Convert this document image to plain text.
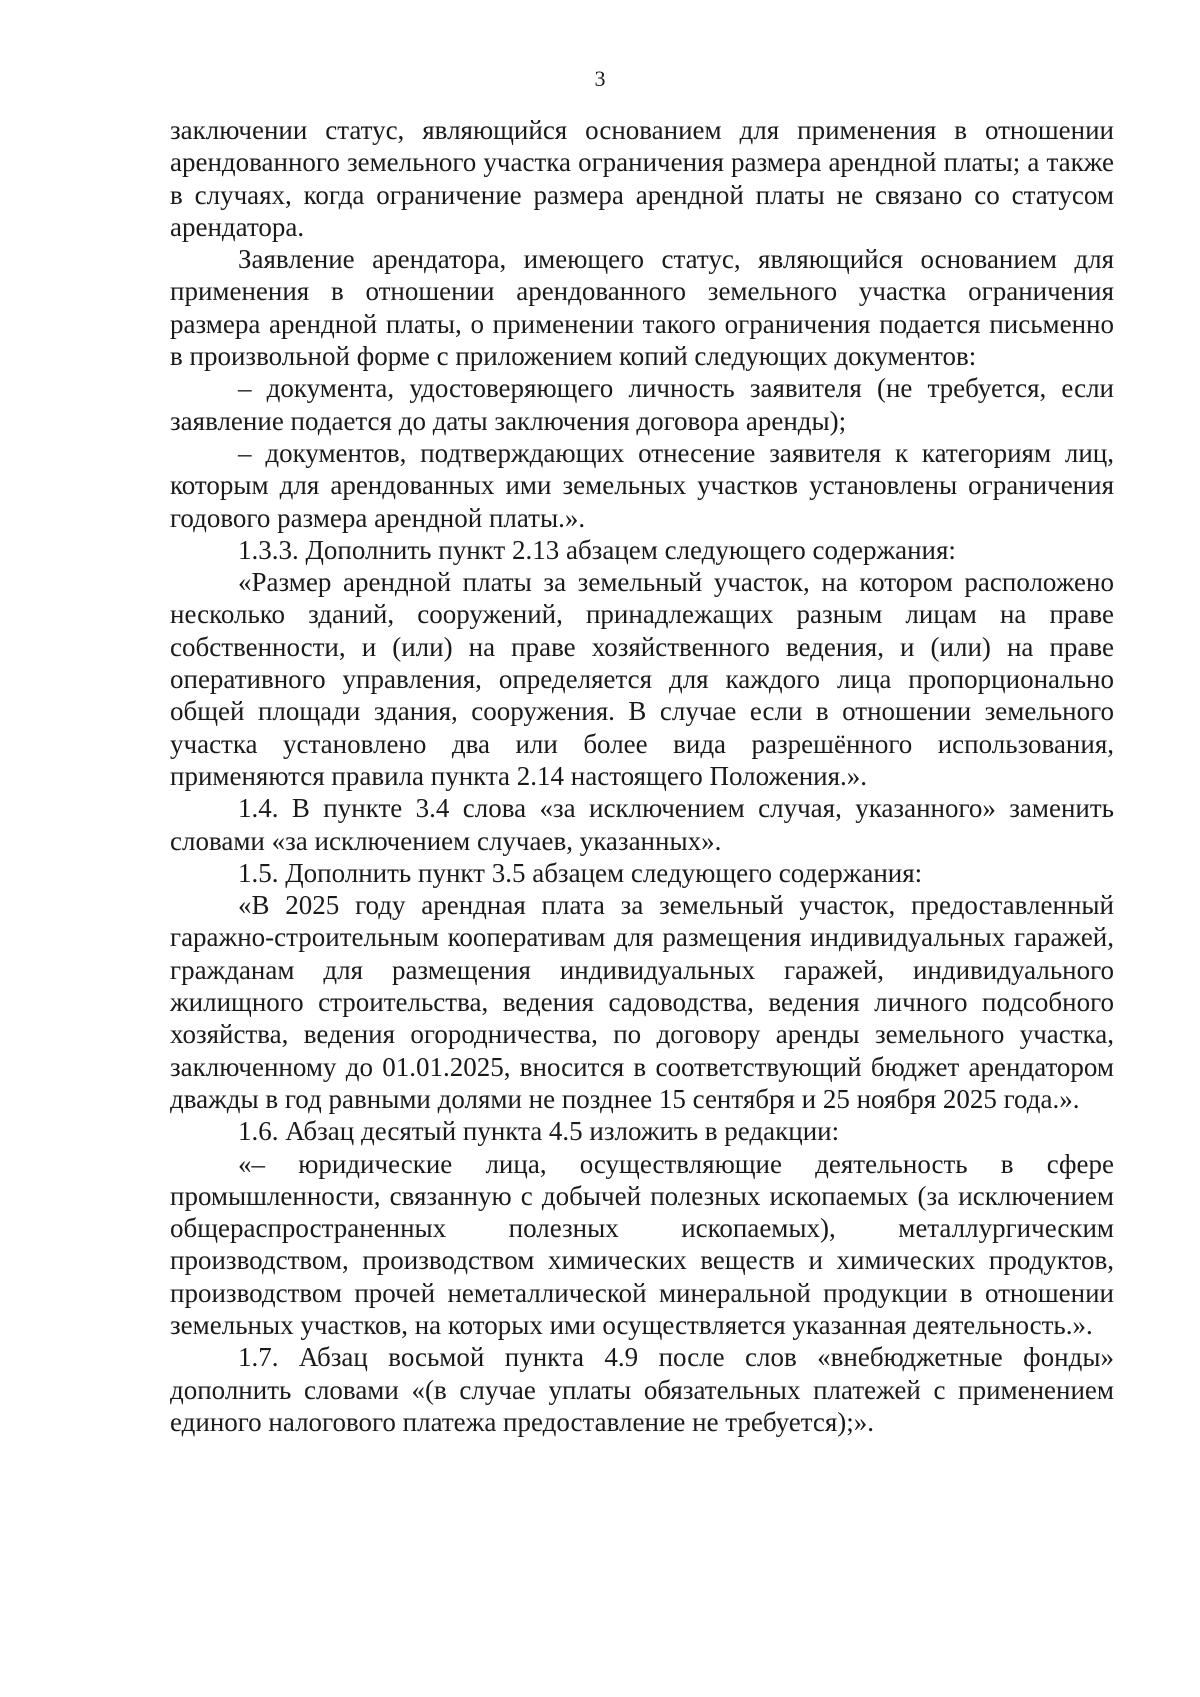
3

заключении статус, являющийся основанием для применения в отношении арендованного земельного участка ограничения размера арендной платы; а также в случаях, когда ограничение размера арендной платы не связано со статусом арендатора.

Заявление арендатора, имеющего статус, являющийся основанием для применения в отношении арендованного земельного участка ограничения размера арендной платы, о применении такого ограничения подается письменно в произвольной форме с приложением копий следующих документов:

– документа, удостоверяющего личность заявителя (не требуется, если заявление подается до даты заключения договора аренды);

– документов, подтверждающих отнесение заявителя к категориям лиц, которым для арендованных ими земельных участков установлены ограничения годового размера арендной платы.».

1.3.3. Дополнить пункт 2.13 абзацем следующего содержания:

«Размер арендной платы за земельный участок, на котором расположено несколько зданий, сооружений, принадлежащих разным лицам на праве собственности, и (или) на праве хозяйственного ведения, и (или) на праве оперативного управления, определяется для каждого лица пропорционально общей площади здания, сооружения. В случае если в отношении земельного участка установлено два или более вида разрешённого использования, применяются правила пункта 2.14 настоящего Положения.».

1.4. В пункте 3.4 слова «за исключением случая, указанного» заменить словами «за исключением случаев, указанных».

1.5. Дополнить пункт 3.5 абзацем следующего содержания:

«В 2025 году арендная плата за земельный участок, предоставленный гаражно-строительным кооперативам для размещения индивидуальных гаражей, гражданам для размещения индивидуальных гаражей, индивидуального жилищного строительства, ведения садоводства, ведения личного подсобного хозяйства, ведения огородничества, по договору аренды земельного участка, заключенному до 01.01.2025, вносится в соответствующий бюджет арендатором дважды в год равными долями не позднее 15 сентября и 25 ноября 2025 года.».

1.6. Абзац десятый пункта 4.5 изложить в редакции:

«– юридические лица, осуществляющие деятельность в сфере промышленности, связанную с добычей полезных ископаемых (за исключением общераспространенных полезных ископаемых), металлургическим производством, производством химических веществ и химических продуктов, производством прочей неметаллической минеральной продукции в отношении земельных участков, на которых ими осуществляется указанная деятельность.».

1.7. Абзац восьмой пункта 4.9 после слов «внебюджетные фонды» дополнить словами «(в случае уплаты обязательных платежей с применением единого налогового платежа предоставление не требуется);».
